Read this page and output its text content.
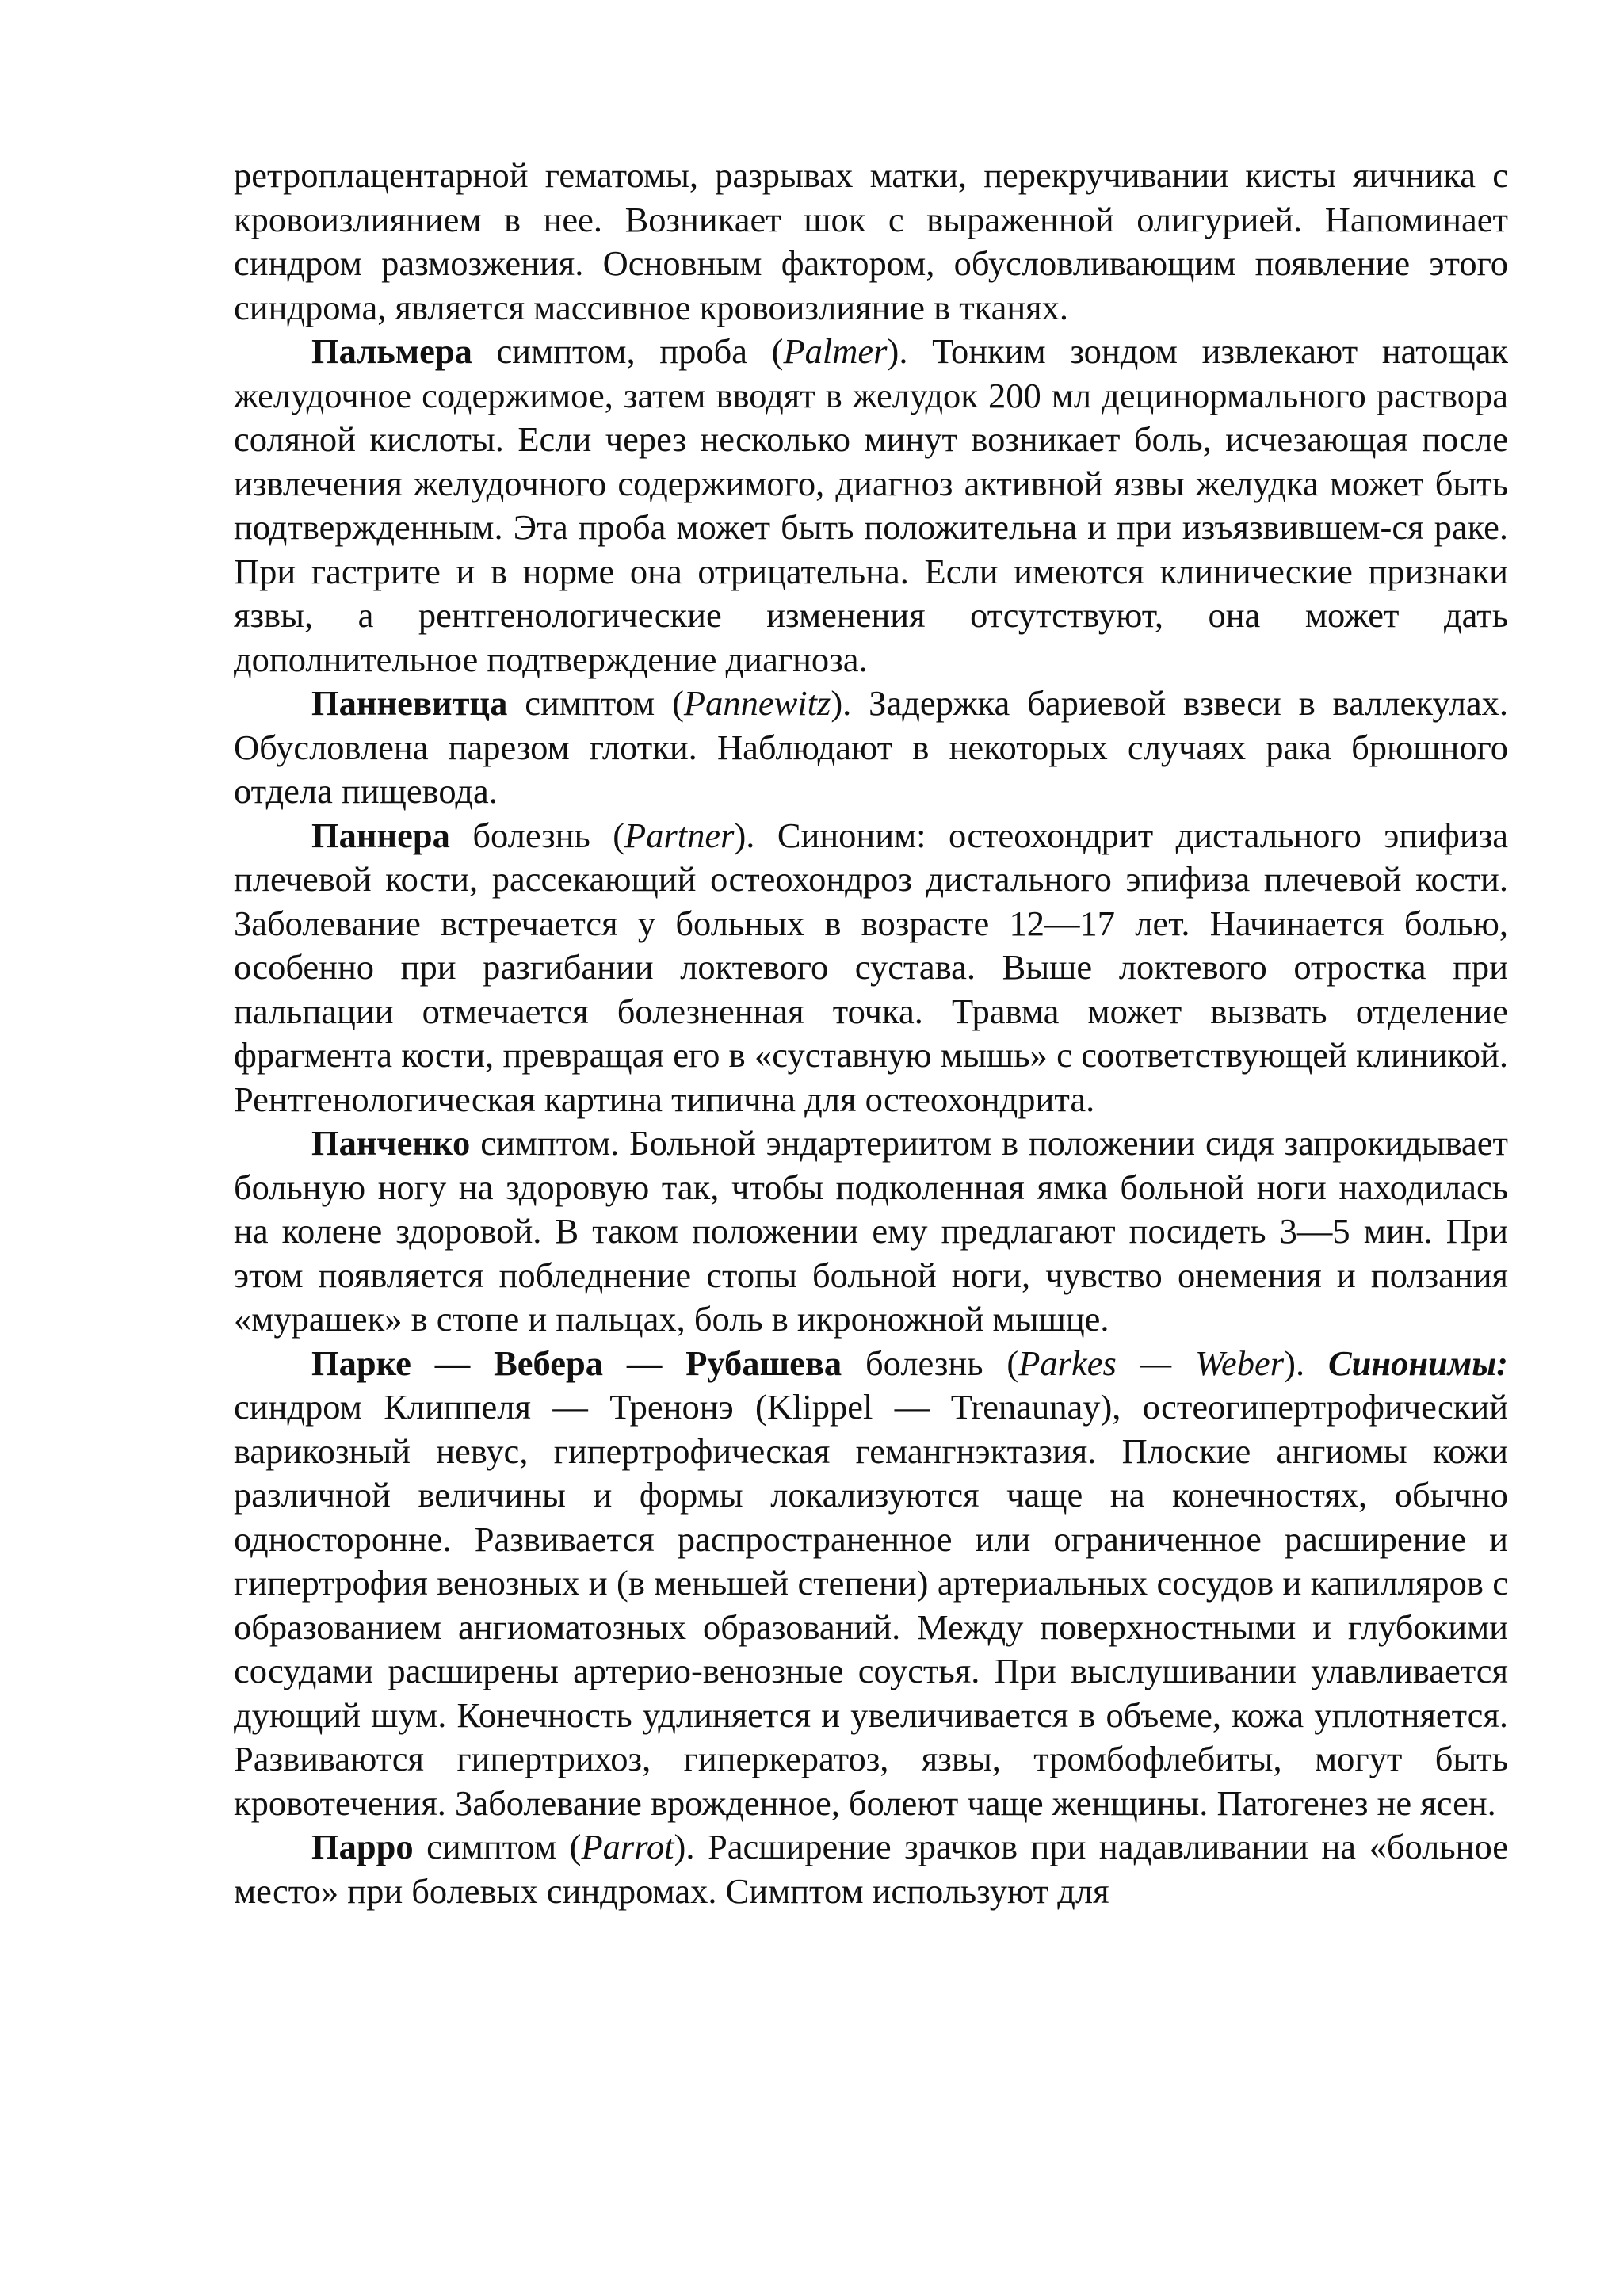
ретроплацентарной гематомы, разрывах матки, перекручивании кисты яичника с кровоизлиянием в нее. Возникает шок с выраженной олигурией. Напоминает синдром размозжения. Основным фактором, обусловливающим появление этого синдрома, является массивное кровоизлияние в тканях.

Пальмера симптом, проба (Palmer). Тонким зондом извлекают натощак желудочное содержимое, затем вводят в желудок 200 мл децинормального раствора соляной кислоты. Если через несколько минут возникает боль, исчезающая после извлечения желудочного содержимого, диагноз активной язвы желудка может быть подтвержденным. Эта проба может быть положительна и при изъязвившем-ся раке. При гастрите и в норме она отрицательна. Если имеются клинические признаки язвы, а рентгенологические изменения отсутствуют, она может дать дополнительное подтверждение диагноза.

Панневитца симптом (Pannewitz). Задержка бариевой взвеси в валлекулах. Обусловлена парезом глотки. Наблюдают в некоторых случаях рака брюшного отдела пищевода.

Паннера болезнь (Partner). Синоним: остеохондрит дистального эпифиза плечевой кости, рассекающий остеохондроз дистального эпифиза плечевой кости. Заболевание встречается у больных в возрасте 12—17 лет. Начинается болью, особенно при разгибании локтевого сустава. Выше локтевого отростка при пальпации отмечается болезненная точка. Травма может вызвать отделение фрагмента кости, превращая его в «суставную мышь» с соответствующей клиникой. Рентгенологическая картина типична для остеохондрита.

Панченко симптом. Больной эндартериитом в положении сидя запрокидывает больную ногу на здоровую так, чтобы подколенная ямка больной ноги находилась на колене здоровой. В таком положении ему предлагают посидеть 3—5 мин. При этом появляется побледнение стопы больной ноги, чувство онемения и ползания «мурашек» в стопе и пальцах, боль в икроножной мышце.

Парке — Вебера — Рубашева болезнь (Parkes — Weber). Синонимы: синдром Клиппеля — Тренонэ (Klippel — Trenaunay), остеогипертрофический варикозный невус, гипертрофическая гемангнэктазия. Плоские ангиомы кожи различной величины и формы локализуются чаще на конечностях, обычно односторонне. Развивается распространенное или ограниченное расширение и гипертрофия венозных и (в меньшей степени) артериальных сосудов и капилляров с образованием ангиоматозных образований. Между поверхностными и глубокими сосудами расширены артерио-венозные соустья. При выслушивании улавливается дующий шум. Конечность удлиняется и увеличивается в объеме, кожа уплотняется. Развиваются гипертрихоз, гиперкератоз, язвы, тромбофлебиты, могут быть кровотечения. Заболевание врожденное, болеют чаще женщины. Патогенез не ясен.

Парро симптом (Parrot). Расширение зрачков при надавливании на «больное место» при болевых синдромах. Симптом используют для
